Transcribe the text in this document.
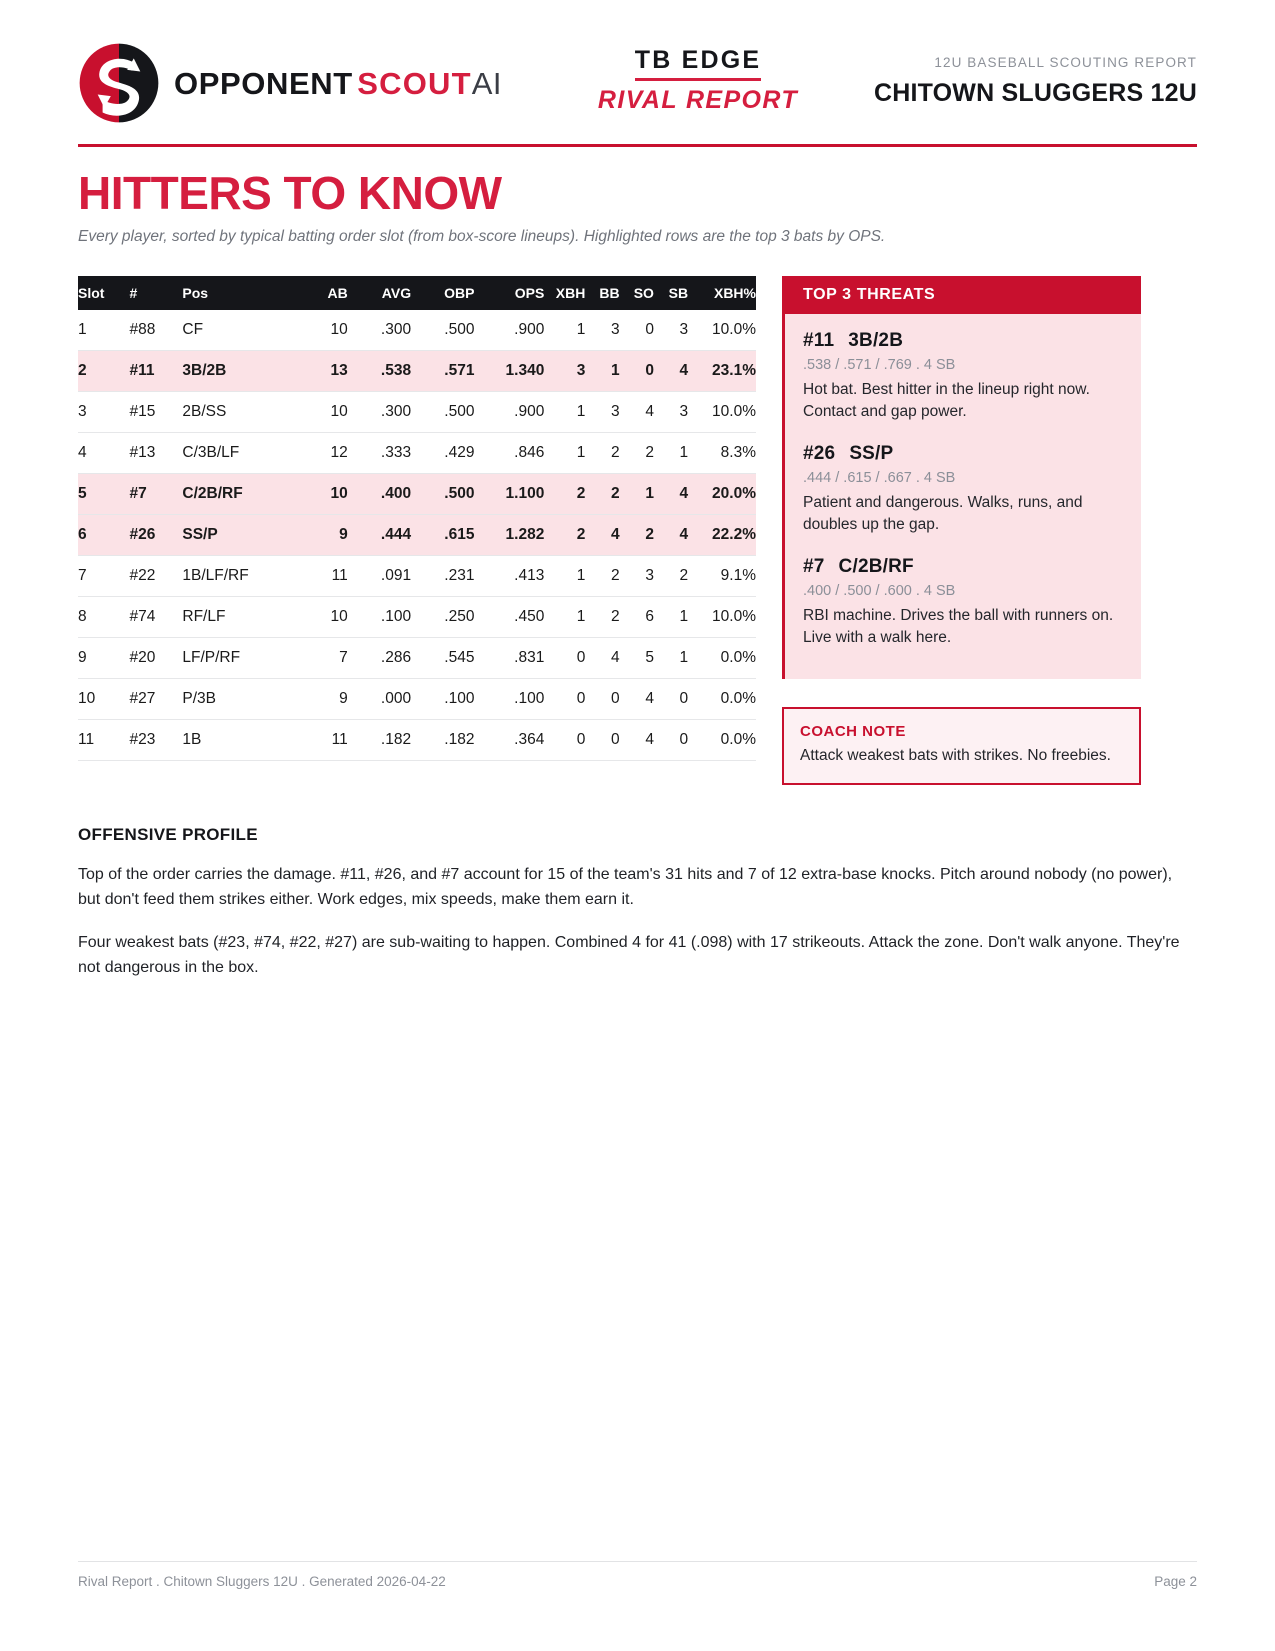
OPPONENT SCOUTAI
TB EDGE
RIVAL REPORT
12U BASEBALL SCOUTING REPORT
CHITOWN SLUGGERS 12U
HITTERS TO KNOW
Every player, sorted by typical batting order slot (from box-score lineups). Highlighted rows are the top 3 bats by OPS.
Slot	#	Pos	AB	AVG	OBP	OPS	XBH	BB	SO	SB	XBH%
1	#88	CF	10	.300	.500	.900	1	3	0	3	10.0%
2	#11	3B/2B	13	.538	.571	1.340	3	1	0	4	23.1%
3	#15	2B/SS	10	.300	.500	.900	1	3	4	3	10.0%
4	#13	C/3B/LF	12	.333	.429	.846	1	2	2	1	8.3%
5	#7	C/2B/RF	10	.400	.500	1.100	2	2	1	4	20.0%
6	#26	SS/P	9	.444	.615	1.282	2	4	2	4	22.2%
7	#22	1B/LF/RF	11	.091	.231	.413	1	2	3	2	9.1%
8	#74	RF/LF	10	.100	.250	.450	1	2	6	1	10.0%
9	#20	LF/P/RF	7	.286	.545	.831	0	4	5	1	0.0%
10	#27	P/3B	9	.000	.100	.100	0	0	4	0	0.0%
11	#23	1B	11	.182	.182	.364	0	0	4	0	0.0%
TOP 3 THREATS
#11 3B/2B
.538 / .571 / .769 . 4 SB
Hot bat. Best hitter in the lineup right now. Contact and gap power.
#26 SS/P
.444 / .615 / .667 . 4 SB
Patient and dangerous. Walks, runs, and doubles up the gap.
#7 C/2B/RF
.400 / .500 / .600 . 4 SB
RBI machine. Drives the ball with runners on. Live with a walk here.
COACH NOTE
Attack weakest bats with strikes. No freebies.
OFFENSIVE PROFILE

Top of the order carries the damage. #11, #26, and #7 account for 15 of the team's 31 hits and 7 of 12 extra-base knocks. Pitch around nobody (no power), but don't feed them strikes either. Work edges, mix speeds, make them earn it.

Four weakest bats (#23, #74, #22, #27) are sub-waiting to happen. Combined 4 for 41 (.098) with 17 strikeouts. Attack the zone. Don't walk anyone. They're not dangerous in the box.

Rival Report . Chitown Sluggers 12U . Generated 2026-04-22	Page 2
